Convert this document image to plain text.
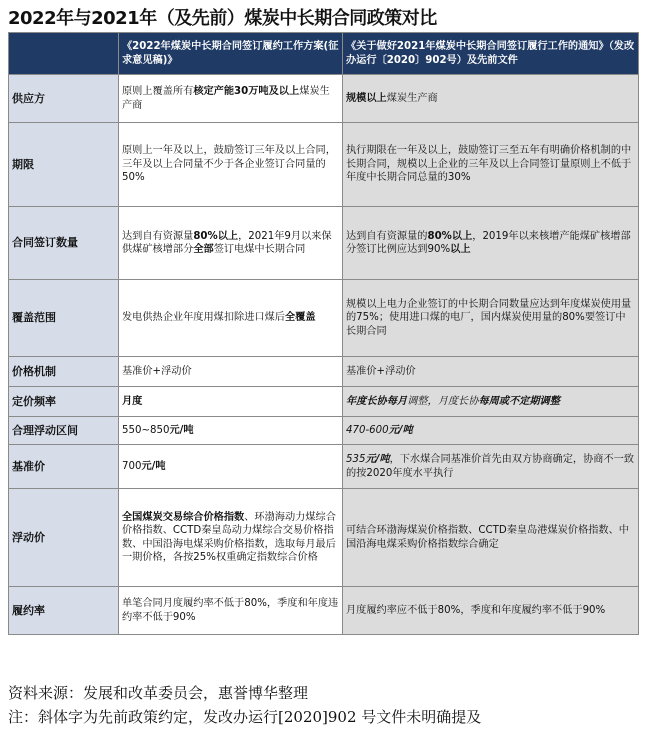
2022年与2021年（及先前）煤炭中长期合同政策对比
	《2022年煤炭中长期合同签订履约工作方案(征求意见稿)》	《关于做好2021年煤炭中长期合同签订履行工作的通知》（发改办运行〔2020〕902号）及先前文件
供应方	原则上覆盖所有核定产能30万吨及以上煤炭生产商	规模以上煤炭生产商
期限	原则上一年及以上，鼓励签订三年及以上合同，三年及以上合同量不少于各企业签订合同量的50%	执行期限在一年及以上，鼓励签订三至五年有明确价格机制的中长期合同，规模以上企业的三年及以上合同签订量原则上不低于年度中长期合同总量的30%
合同签订数量	达到自有资源量80%以上，2021年9月以来保供煤矿核增部分全部签订电煤中长期合同	达到自有资源量的80%以上，2019年以来核增产能煤矿核增部分签订比例应达到90%以上
覆盖范围	发电供热企业年度用煤扣除进口煤后全覆盖	规模以上电力企业签订的中长期合同数量应达到年度煤炭使用量的75%；使用进口煤的电厂，国内煤炭使用量的80%要签订中长期合同
价格机制	基准价+浮动价	基准价+浮动价
定价频率	月度	年度长协每月调整，月度长协每周或不定期调整
合理浮动区间	550~850元/吨	470-600元/吨
基准价	700元/吨	535元/吨，下水煤合同基准价首先由双方协商确定，协商不一致的按2020年度水平执行
浮动价	全国煤炭交易综合价格指数、环渤海动力煤综合价格指数、CCTD秦皇岛动力煤综合交易价格指数、中国沿海电煤采购价格指数，选取每月最后一期价格，各按25%权重确定指数综合价格	可结合环渤海煤炭价格指数、CCTD秦皇岛港煤炭价格指数、中国沿海电煤采购价格指数综合确定
履约率	单笔合同月度履约率不低于80%，季度和年度违约率不低于90%	月度履约率应不低于80%，季度和年度履约率不低于90%
资料来源：发展和改革委员会，惠誉博华整理
注：斜体字为先前政策约定，发改办运行[2020]902 号文件未明确提及
